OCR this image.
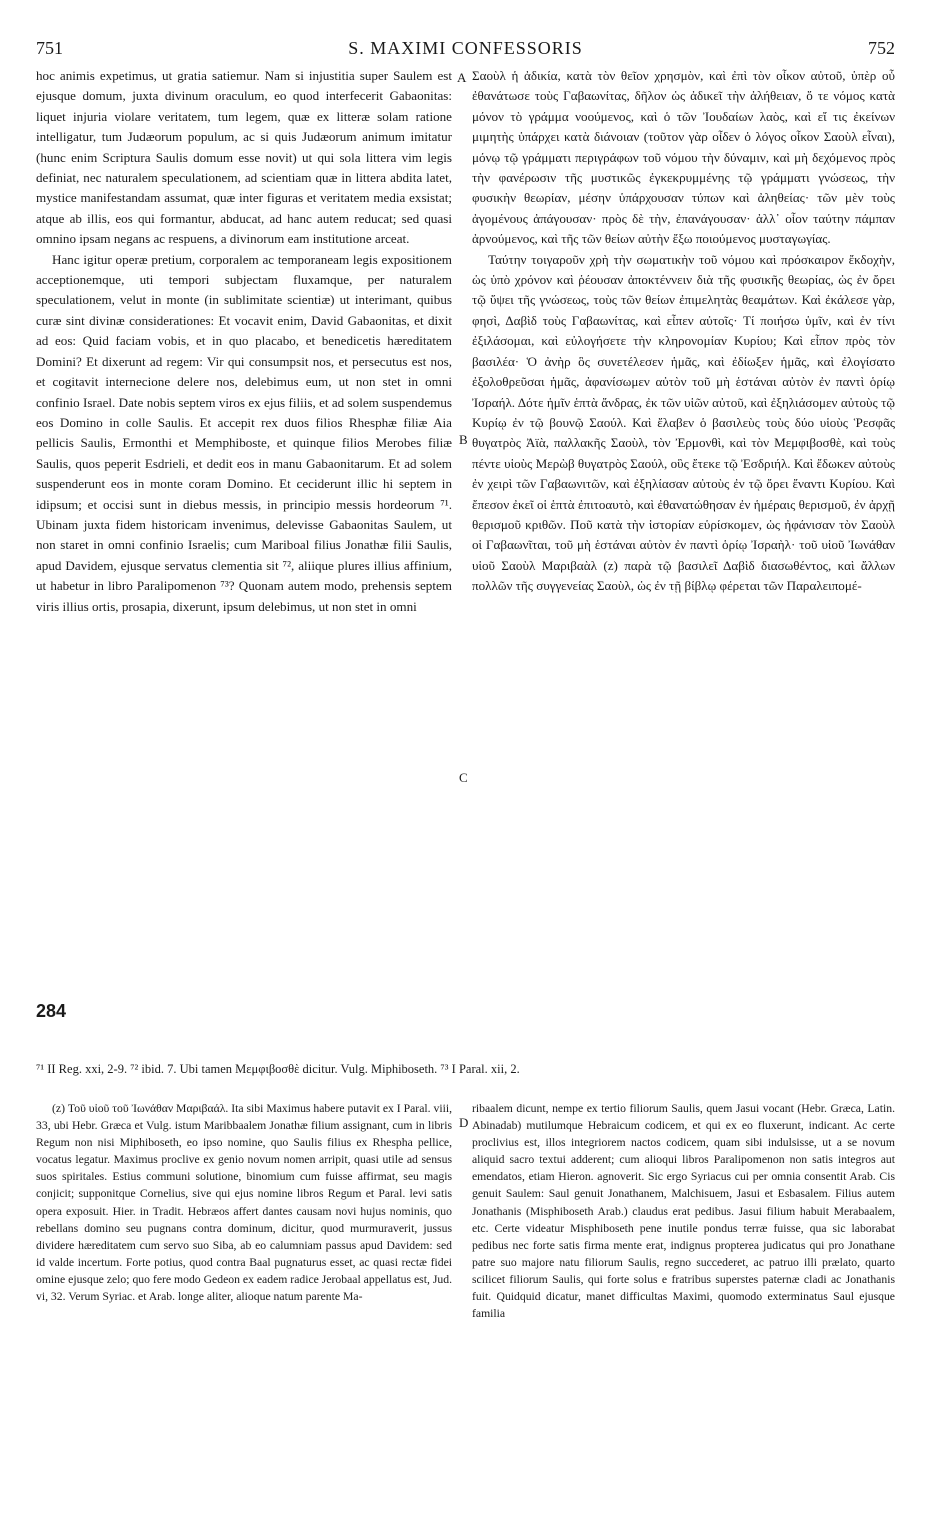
751	S. MAXIMI CONFESSORIS	752

hoc animis expetimus, ut gratia satiemur. Nam si injustitia super Saulem est ejusque domum, juxta divinum oraculum, eo quod interfecerit Gabaonitas: liquet injuria violare veritatem, tum legem, quæ ex litteræ solam ratione intelligatur, tum Judæorum populum, ac si quis Judæorum animum imitatur (hunc enim Scriptura Saulis domum esse novit) ut qui sola littera vim legis definiat, nec naturalem speculationem, ad scientiam quæ in littera abdita latet, mystice manifestandam assumat, quæ inter figuras et veritatem media exsistat; atque ab illis, eos qui formantur, abducat, ad hanc autem reducat; sed quasi omnino ipsam negans ac respuens, a divinorum eam institutione arceat.

Hanc igitur operæ pretium, corporalem ac temporaneam legis expositionem acceptionemque, uti tempori subjectam fluxamque, per naturalem speculationem, velut in monte (in sublimitate scientiæ) ut interimant, quibus curæ sint divinæ considerationes: Et vocavit enim, David Gabaonitas, et dixit ad eos: Quid faciam vobis, et in quo placabo, et benedicetis hæreditatem Domini? Et dixerunt ad regem: Vir qui consumpsit nos, et persecutus est nos, et cogitavit internecione delere nos, delebimus eum, ut non stet in omni confinio Israel. Date nobis septem viros ex ejus filiis, et ad solem suspendemus eos Domino in colle Saulis. Et accepit rex duos filios Rhesphæ filiæ Aia pellicis Saulis, Ermonthi et Memphiboste, et quinque filios Merobes filiæ Saulis, quos peperit Esdrieli, et dedit eos in manu Gabaonitarum. Et ad solem suspenderunt eos in monte coram Domino. Et ceciderunt illic hi septem in idipsum; et occisi sunt in diebus messis, in principio messis hordeorum ⁷¹. Ubinam juxta fidem historicam invenimus, delevisse Gabaonitas Saulem, ut non staret in omni confinio Israelis; cum Mariboal filius Jonathæ filii Saulis, apud Davidem, ejusque servatus clementia sit ⁷², aliique plures illius affinium, ut habetur in libro Paralipomenon ⁷³? Quonam autem modo, prehensis septem viris illius ortis, prosapia, dixerunt, ipsum delebimus, ut non stet in omni

A
B
C
D
284

Σαοὺλ ἡ ἀδικία, κατὰ τὸν θεῖον χρησμὸν, καὶ ἐπὶ τὸν οἶκον αὐτοῦ, ὑπὲρ οὗ ἐθανάτωσε τοὺς Γαβαωνίτας, δῆλον ὡς ἀδικεῖ τὴν ἀλήθειαν, ὅ τε νόμος κατὰ μόνον τὸ γράμμα νοούμενος, καὶ ὁ τῶν Ἰουδαίων λαὸς, καὶ εἴ τις ἐκείνων μιμητὴς ὑπάρχει κατὰ διάνοιαν (τοῦτον γὰρ οἶδεν ὁ λόγος οἶκον Σαοὺλ εἶναι), μόνῳ τῷ γράμματι περιγράφων τοῦ νόμου τὴν δύναμιν, καὶ μὴ δεχόμενος πρὸς τὴν φανέρωσιν τῆς μυστικῶς ἐγκεκρυμμένης τῷ γράμματι γνώσεως, τὴν φυσικὴν θεωρίαν, μέσην ὑπάρχουσαν τύπων καὶ ἀληθείας· τῶν μὲν τοὺς ἀγομένους ἀπάγουσαν· πρὸς δὲ τὴν, ἐπανάγουσαν· ἀλλ᾽ οἷον ταύτην πάμπαν ἀρνούμενος, καὶ τῆς τῶν θείων αὐτὴν ἔξω ποιούμενος μυσταγωγίας.

Ταύτην τοιγαροῦν χρὴ τὴν σωματικὴν τοῦ νόμου καὶ πρόσκαιρον ἔκδοχὴν, ὡς ὑπὸ χρόνον καὶ ῥέουσαν ἀποκτέννειν διὰ τῆς φυσικῆς θεωρίας, ὡς ἐν ὄρει τῷ ὕψει τῆς γνώσεως, τοὺς τῶν θείων ἐπιμελητὰς θεαμάτων. Καὶ ἐκάλεσε γὰρ, φησὶ, Δαβὶδ τοὺς Γαβαωνίτας, καὶ εἶπεν αὐτοῖς· Τί ποιήσω ὑμῖν, καὶ ἐν τίνι ἐξιλάσομαι, καὶ εὐλογήσετε τὴν κληρονομίαν Κυρίου; Καὶ εἶπον πρὸς τὸν βασιλέα· Ὁ ἀνὴρ ὃς συνετέλεσεν ἡμᾶς, καὶ ἐδίωξεν ἡμᾶς, καὶ ἐλογίσατο ἐξολοθρεῦσαι ἡμᾶς, ἀφανίσωμεν αὐτὸν τοῦ μὴ ἑστάναι αὐτὸν ἐν παντὶ ὁρίῳ Ἰσραήλ. Δότε ἡμῖν ἑπτὰ ἄνδρας, ἐκ τῶν υἱῶν αὐτοῦ, καὶ ἐξηλιάσομεν αὐτοὺς τῷ Κυρίῳ ἐν τῷ βουνῷ Σαούλ. Καὶ ἔλαβεν ὁ βασιλεὺς τοὺς δύο υἱοὺς Ῥεσφᾶς θυγατρὸς Ἀϊὰ, παλλακῆς Σαοὺλ, τὸν Ἐρμονθὶ, καὶ τὸν Μεμφιβοσθὲ, καὶ τοὺς πέντε υἱοὺς Μερὼβ θυγατρὸς Σαούλ, οὓς ἔτεκε τῷ Ἐσδριήλ. Καὶ ἔδωκεν αὐτοὺς ἐν χειρὶ τῶν Γαβαωνιτῶν, καὶ ἐξηλίασαν αὐτοὺς ἐν τῷ ὄρει ἔναντι Κυρίου. Καὶ ἔπεσον ἐκεῖ οἱ ἑπτὰ ἐπιτοαυτὸ, καὶ ἐθανατώθησαν ἐν ἡμέραις θερισμοῦ, ἐν ἀρχῇ θερισμοῦ κριθῶν. Ποῦ κατὰ τὴν ἱστορίαν εὑρίσκομεν, ὡς ἠφάνισαν τὸν Σαοὺλ οἱ Γαβαωνῖται, τοῦ μὴ ἑστάναι αὐτὸν ἐν παντὶ ὁρίῳ Ἰσραὴλ· τοῦ υἱοῦ Ἰωνάθαν υἱοῦ Σαοὺλ Μαριβαὰλ (z) παρὰ τῷ βασιλεῖ Δαβὶδ διασωθέντος, καὶ ἄλλων πολλῶν τῆς συγγενείας Σαοὺλ, ὡς ἐν τῇ βίβλῳ φέρεται τῶν Παραλειπομέ-

⁷¹ II Reg. xxi, 2-9. ⁷² ibid. 7. Ubi tamen Μεμφιβοσθὲ dicitur. Vulg. Miphiboseth. ⁷³ I Paral. xii, 2.

(z) Τοῦ υἱοῦ τοῦ Ἰωνάθαν Μαριβαάλ. Ita sibi Maximus habere putavit ex I Paral. viii, 33, ubi Hebr. Græca et Vulg. istum Maribbaalem Jonathæ filium assignant, cum in libris Regum non nisi Miphiboseth, eo ipso nomine, quo Saulis filius ex Rhespha pellice, vocatus legatur. Maximus proclive ex genio novum nomen arripit, quasi utile ad sensus suos spiritales. Estius communi solutione, binomium cum fuisse affirmat, seu magis conjicit; supponitque Cornelius, sive qui ejus nomine libros Regum et Paral. levi satis opera exposuit. Hier. in Tradit. Hebræos affert dantes causam novi hujus nominis, quo rebellans domino seu pugnans contra dominum, dicitur, quod murmuraverit, jussus dividere hæreditatem cum servo suo Siba, ab eo calumniam passus apud Davidem: sed id valde incertum. Forte potius, quod contra Baal pugnaturus esset, ac quasi rectæ fidei omine ejusque zelo; quo fere modo Gedeon ex eadem radice Jerobaal appellatus est, Jud. vi, 32. Verum Syriac. et Arab. longe aliter, alioque natum parente Ma-

ribaalem dicunt, nempe ex tertio filiorum Saulis, quem Jasui vocant (Hebr. Græca, Latin. Abinadab) mutilumque Hebraicum codicem, et qui ex eo fluxerunt, indicant. Ac certe proclivius est, illos integriorem nactos codicem, quam sibi indulsisse, ut a se novum aliquid sacro textui adderent; cum alioqui libros Paralipomenon non satis integros aut emendatos, etiam Hieron. agnoverit. Sic ergo Syriacus cui per omnia consentit Arab. Cis genuit Saulem: Saul genuit Jonathanem, Malchisuem, Jasui et Esbasalem. Filius autem Jonathanis (Misphiboseth Arab.) claudus erat pedibus. Jasui filium habuit Merabaalem, etc. Certe videatur Misphiboseth pene inutile pondus terræ fuisse, qua sic laborabat pedibus nec forte satis firma mente erat, indignus propterea judicatus qui pro Jonathane patre suo majore natu filiorum Saulis, regno succederet, ac patruo illi prælato, quarto scilicet filiorum Saulis, qui forte solus e fratribus superstes paternæ cladi ac Jonathanis fuit. Quidquid dicatur, manet difficultas Maximi, quomodo exterminatus Saul ejusque familia
